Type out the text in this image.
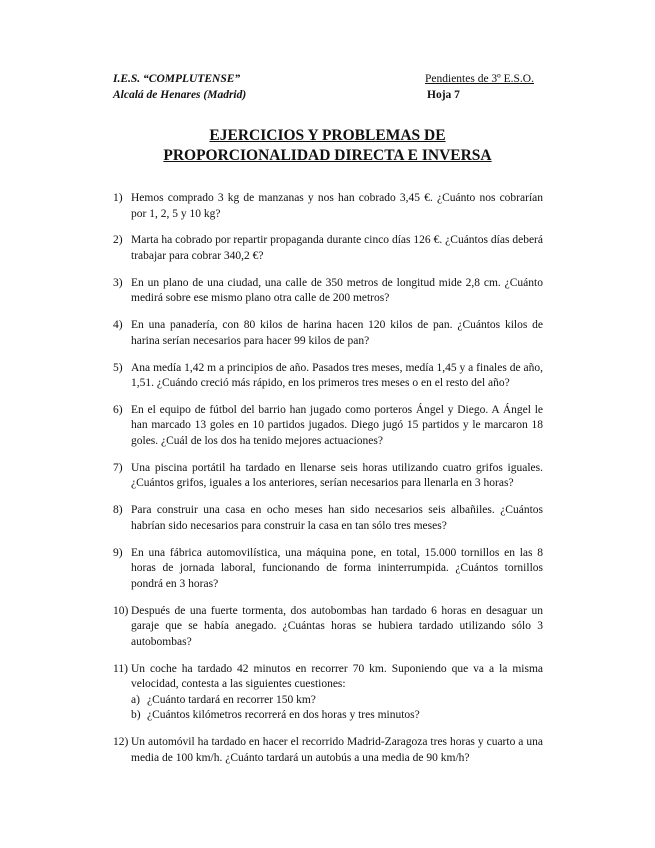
I.E.S. “COMPLUTENSE”
Alcalá de Henares (Madrid)
Pendientes de 3º E.S.O.
Hoja 7
EJERCICIOS Y PROBLEMAS DE
PROPORCIONALIDAD DIRECTA E INVERSA
1) Hemos comprado 3 kg de manzanas y nos han cobrado 3,45 €. ¿Cuánto nos cobrarían por 1, 2, 5 y 10 kg?
2) Marta ha cobrado por repartir propaganda durante cinco días 126 €. ¿Cuántos días deberá trabajar para cobrar 340,2 €?
3) En un plano de una ciudad, una calle de 350 metros de longitud mide 2,8 cm. ¿Cuánto medirá sobre ese mismo plano otra calle de 200 metros?
4) En una panadería, con 80 kilos de harina hacen 120 kilos de pan. ¿Cuántos kilos de harina serían necesarios para hacer 99 kilos de pan?
5) Ana medía 1,42 m a principios de año. Pasados tres meses, medía 1,45 y a finales de año, 1,51. ¿Cuándo creció más rápido, en los primeros tres meses o en el resto del año?
6) En el equipo de fútbol del barrio han jugado como porteros Ángel y Diego. A Ángel le han marcado 13 goles en 10 partidos jugados. Diego jugó 15 partidos y le marcaron 18 goles. ¿Cuál de los dos ha tenido mejores actuaciones?
7) Una piscina portátil ha tardado en llenarse seis horas utilizando cuatro grifos iguales. ¿Cuántos grifos, iguales a los anteriores, serían necesarios para llenarla en 3 horas?
8) Para construir una casa en ocho meses han sido necesarios seis albañiles. ¿Cuántos habrían sido necesarios para construir la casa en tan sólo tres meses?
9) En una fábrica automovilística, una máquina pone, en total, 15.000 tornillos en las 8 horas de jornada laboral, funcionando de forma ininterrumpida. ¿Cuántos tornillos pondrá en 3 horas?
10) Después de una fuerte tormenta, dos autobombas han tardado 6 horas en desaguar un garaje que se había anegado. ¿Cuántas horas se hubiera tardado utilizando sólo 3 autobombas?
11) Un coche ha tardado 42 minutos en recorrer 70 km. Suponiendo que va a la misma velocidad, contesta a las siguientes cuestiones:
a) ¿Cuánto tardará en recorrer 150 km?
b) ¿Cuántos kilómetros recorrerá en dos horas y tres minutos?
12) Un automóvil ha tardado en hacer el recorrido Madrid-Zaragoza tres horas y cuarto a una media de 100 km/h. ¿Cuánto tardará un autobús a una media de 90 km/h?
